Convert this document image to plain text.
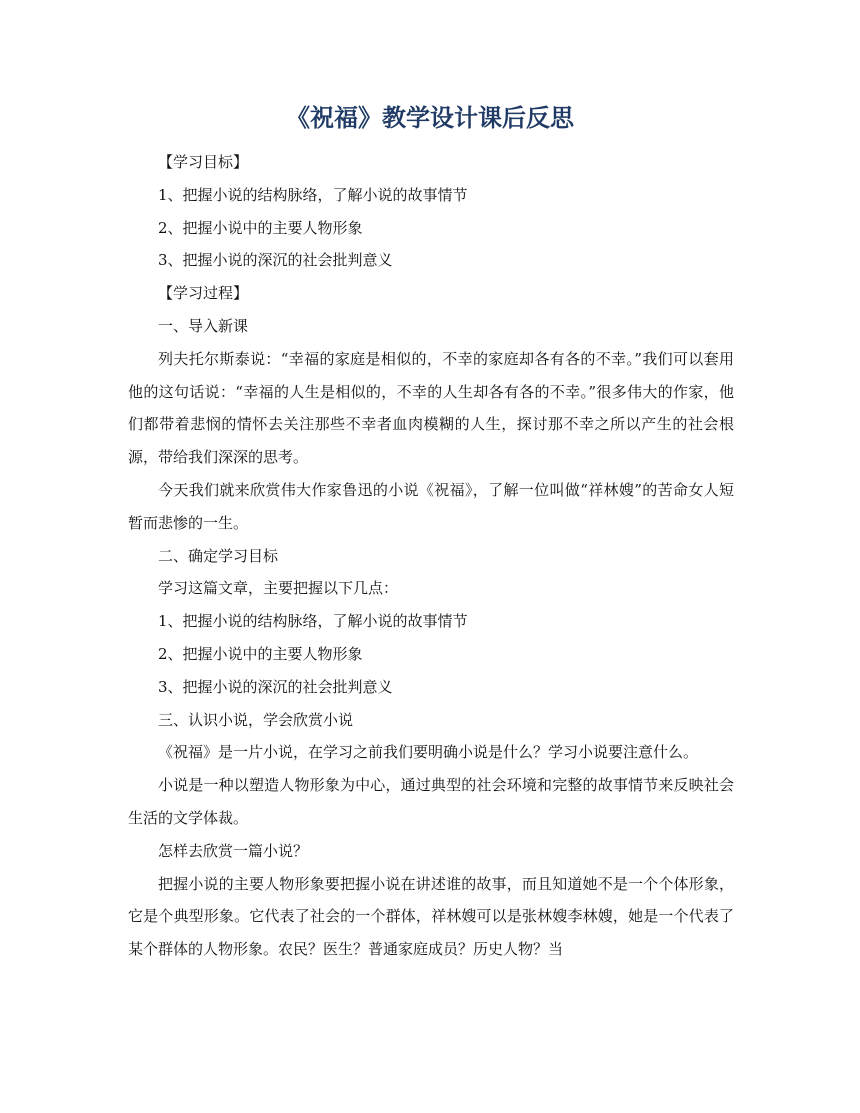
《祝福》教学设计课后反思

【学习目标】

1、把握小说的结构脉络，了解小说的故事情节

2、把握小说中的主要人物形象

3、把握小说的深沉的社会批判意义

【学习过程】

一、导入新课

列夫托尔斯泰说：“幸福的家庭是相似的，不幸的家庭却各有各的不幸。”我们可以套用他的这句话说：“幸福的人生是相似的，不幸的人生却各有各的不幸。”很多伟大的作家，他们都带着悲悯的情怀去关注那些不幸者血肉模糊的人生，探讨那不幸之所以产生的社会根源，带给我们深深的思考。

今天我们就来欣赏伟大作家鲁迅的小说《祝福》，了解一位叫做“祥林嫂”的苦命女人短暂而悲惨的一生。

二、确定学习目标

学习这篇文章，主要把握以下几点：

1、把握小说的结构脉络，了解小说的故事情节

2、把握小说中的主要人物形象

3、把握小说的深沉的社会批判意义

三、认识小说，学会欣赏小说

《祝福》是一片小说，在学习之前我们要明确小说是什么？学习小说要注意什么。

小说是一种以塑造人物形象为中心，通过典型的社会环境和完整的故事情节来反映社会生活的文学体裁。

怎样去欣赏一篇小说？

把握小说的主要人物形象要把握小说在讲述谁的故事，而且知道她不是一个个体形象，它是个典型形象。它代表了社会的一个群体，祥林嫂可以是张林嫂李林嫂，她是一个代表了某个群体的人物形象。农民？医生？普通家庭成员？历史人物？当
